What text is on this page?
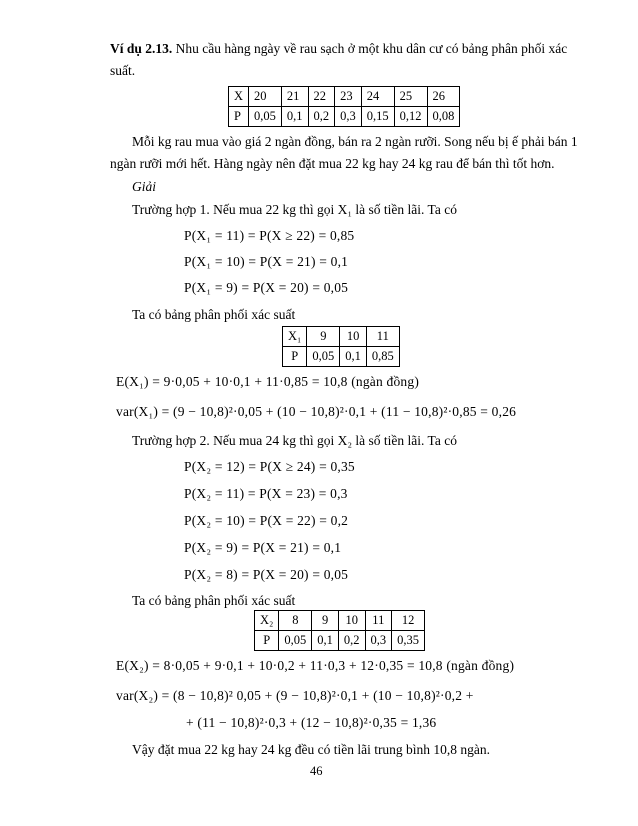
Ví dụ 2.13. Nhu cầu hàng ngày về rau sạch ở một khu dân cư có bảng phân phối xác
suất.
X	20	21	22	23	24	25	26
P	0,05	0,1	0,2	0,3	0,15	0,12	0,08
Mỗi kg rau mua vào giá 2 ngàn đồng, bán ra 2 ngàn rưỡi. Song nếu bị ế phải bán 1
ngàn rưỡi mới hết. Hàng ngày nên đặt mua 22 kg hay 24 kg rau để bán thì tốt hơn.
Giải
Trường hợp 1. Nếu mua 22 kg thì gọi X₁ là số tiền lãi. Ta có
P(X₁ = 11) = P(X ≥ 22) = 0,85
P(X₁ = 10) = P(X = 21) = 0,1
P(X₁ = 9) = P(X = 20) = 0,05
Ta có bảng phân phối xác suất
X₁	9	10	11
P	0,05	0,1	0,85
E(X₁) = 9·0,05 + 10·0,1 + 11·0,85 = 10,8 (ngàn đồng)
var(X₁) = (9 − 10,8)²·0,05 + (10 − 10,8)²·0,1 + (11 − 10,8)²·0,85 = 0,26
Trường hợp 2. Nếu mua 24 kg thì gọi X₂ là số tiền lãi. Ta có
P(X₂ = 12) = P(X ≥ 24) = 0,35
P(X₂ = 11) = P(X = 23) = 0,3
P(X₂ = 10) = P(X = 22) = 0,2
P(X₂ = 9) = P(X = 21) = 0,1
P(X₂ = 8) = P(X = 20) = 0,05
Ta có bảng phân phối xác suất
X₂	8	9	10	11	12
P	0,05	0,1	0,2	0,3	0,35
E(X₂) = 8·0,05 + 9·0,1 + 10·0,2 + 11·0,3 + 12·0,35 = 10,8 (ngàn đồng)
var(X₂) = (8 − 10,8)² 0,05 + (9 − 10,8)²·0,1 + (10 − 10,8)²·0,2 +
+ (11 − 10,8)²·0,3 + (12 − 10,8)²·0,35 = 1,36
Vậy đặt mua 22 kg hay 24 kg đều có tiền lãi trung bình 10,8 ngàn.
46
